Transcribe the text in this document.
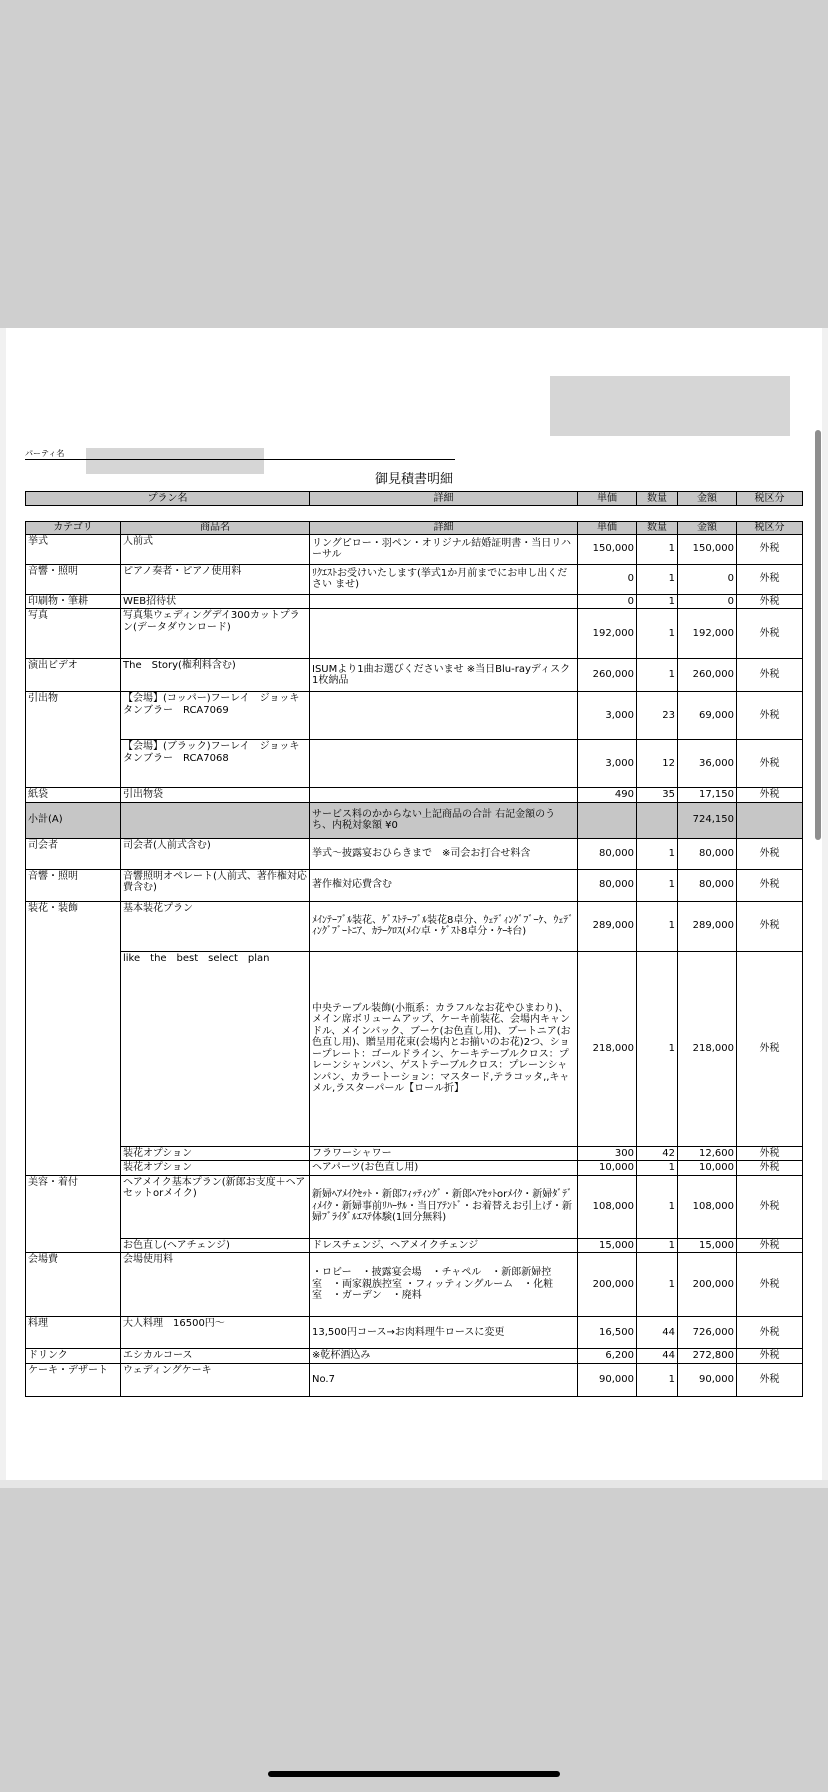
パーティ名
御見積書明細
プラン名	詳細	単価	数量	金額	税区分
カテゴリ	商品名	詳細	単価	数量	金額	税区分
挙式	人前式	リングピロー・羽ペン・オリジナル結婚証明書・当日リハーサル	150,000	1	150,000	外税
音響・照明	ピアノ奏者・ピアノ使用料	ﾘｸｴｽﾄお受けいたします(挙式1か月前までにお申し出ください ませ)	0	1	0	外税
印刷物・筆耕	WEB招待状		0	1	0	外税
写真	写真集ウェディングデイ300カットプラン(データダウンロード)		192,000	1	192,000	外税
演出ビデオ	The　Story(権利料含む)	ISUMより1曲お選びくださいませ ※当日Blu-rayディスク1枚納品	260,000	1	260,000	外税
引出物	【会場】(コッパー)フーレイ　ジョッキタンブラー　RCA7069		3,000	23	69,000	外税
	【会場】(ブラック)フーレイ　ジョッキタンブラー　RCA7068		3,000	12	36,000	外税
紙袋	引出物袋		490	35	17,150	外税
小計(A)		サービス料のかからない上記商品の合計 右記金額のうち、内税対象額 ¥0			724,150	
司会者	司会者(人前式含む)	挙式～披露宴おひらきまで　※司会お打合せ料含	80,000	1	80,000	外税
音響・照明	音響照明オペレート(人前式、著作権対応費含む)	著作権対応費含む	80,000	1	80,000	外税
装花・装飾	基本装花プラン	ﾒｲﾝﾃｰﾌﾞﾙ装花、ｹﾞｽﾄﾃｰﾌﾞﾙ装花8卓分、ｳｪﾃﾞｨﾝｸﾞﾌﾞｰｹ、ｳｪﾃﾞｨﾝｸﾞﾌﾞｰﾄﾆｱ、ｶﾗｰｸﾛｽ(ﾒｲﾝ卓・ｹﾞｽﾄ8卓分・ｹｰｷ台)	289,000	1	289,000	外税
	like　the　best　select　plan	中央テーブル装飾(小瓶系：カラフルなお花やひまわり)、メイン席ボリュームアップ、ケーキ前装花、会場内キャンドル、メインバック、ブーケ(お色直し用)、ブートニア(お色直し用)、贈呈用花束(会場内とお揃いのお花)2つ、ショープレート：ゴールドライン、ケーキテーブルクロス：プレーンシャンパン、ゲストテーブルクロス：プレーンシャンパン、カラートーション：マスタード,テラコッタ,,キャメル,ラスターパール【ロール折】	218,000	1	218,000	外税
	装花オプション	フラワーシャワー	300	42	12,600	外税
	装花オプション	ヘアパーツ(お色直し用)	10,000	1	10,000	外税
美容・着付	ヘアメイク基本プラン(新郎お支度＋ヘアセットorメイク)	新婦ﾍｱﾒｲｸｾｯﾄ・新郎ﾌｨｯﾃｨﾝｸﾞ・新郎ﾍｱｾｯﾄorﾒｲｸ・新婦ﾀﾞﾃﾞｨﾒｲｸ・新婦事前ﾘﾊｰｻﾙ・当日ｱﾃﾝﾄﾞ・お着替えお引上げ・新婦ﾌﾞﾗｲﾀﾞﾙｴｽﾃ体験(1回分無料)	108,000	1	108,000	外税
	お色直し(ヘアチェンジ)	ドレスチェンジ、ヘアメイクチェンジ	15,000	1	15,000	外税
会場費	会場使用料	・ロビー　・披露宴会場　・チャペル　・新郎新婦控室　・両家親族控室 ・フィッティングルーム　・化粧室　・ガーデン　・廃料	200,000	1	200,000	外税
料理	大人料理　16500円～	13,500円コース→お肉料理牛ロースに変更	16,500	44	726,000	外税
ドリンク	エシカルコース	※乾杯酒込み	6,200	44	272,800	外税
ケーキ・デザート	ウェディングケーキ	No.7	90,000	1	90,000	外税
